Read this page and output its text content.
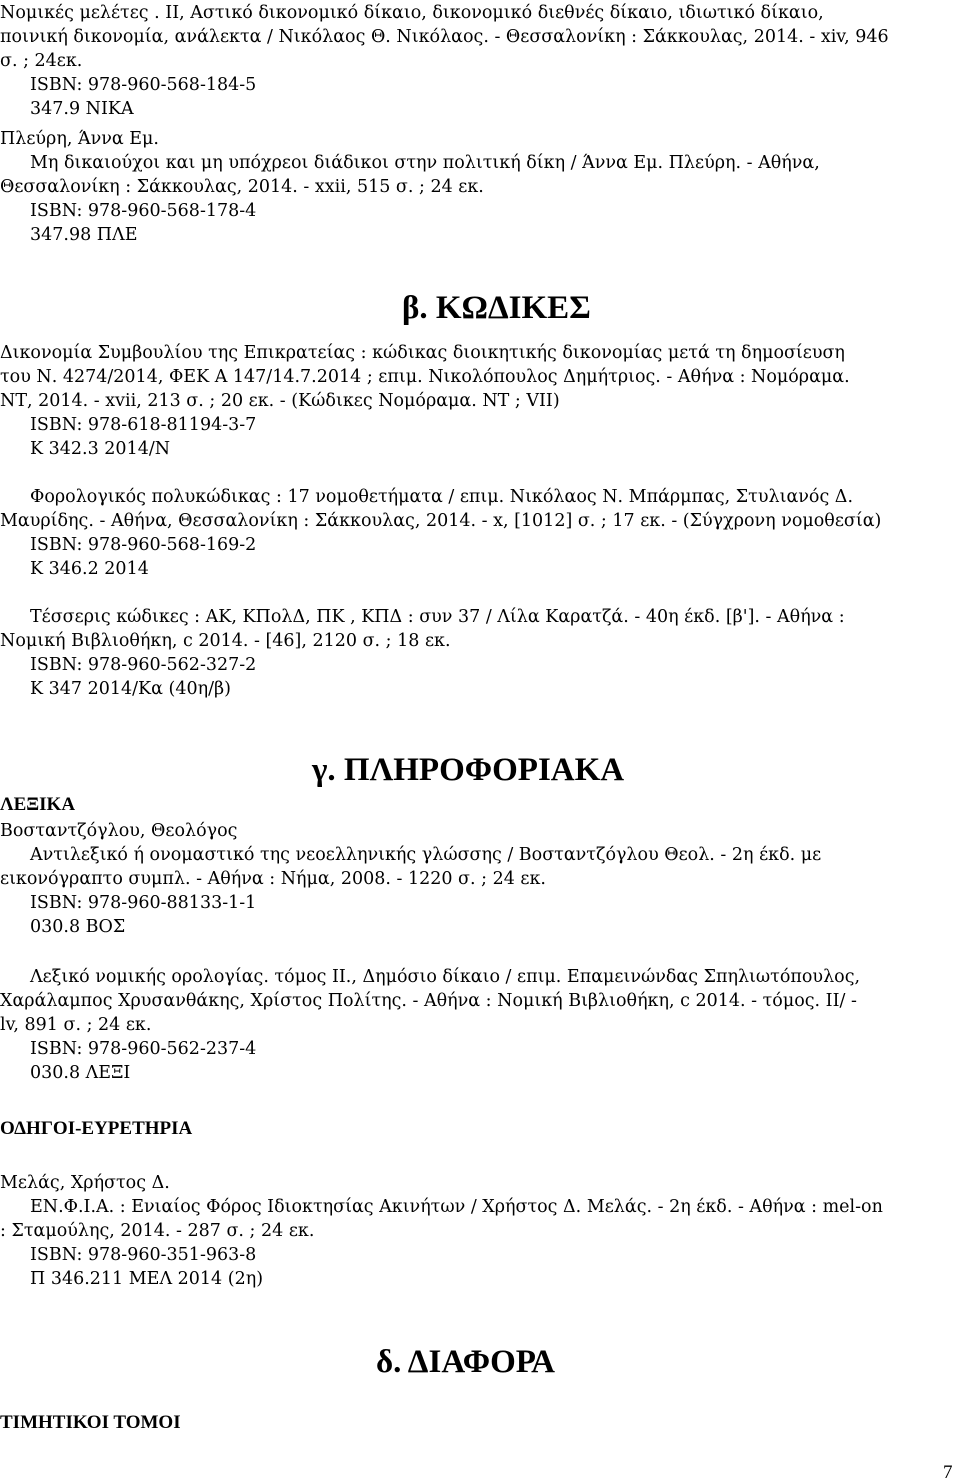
Νομικές μελέτες . ΙΙ, Αστικό δικονομικό δίκαιο, δικονομικό διεθνές δίκαιο, ιδιωτικό δίκαιο,
ποινική δικονομία, ανάλεκτα / Νικόλαος Θ. Νικόλαος. - Θεσσαλονίκη : Σάκκουλας, 2014. - xiv, 946
σ. ; 24εκ.
ISBN: 978-960-568-184-5
347.9 ΝΙΚΑ
Πλεύρη, Άννα Εμ.
Μη δικαιούχοι και μη υπόχρεοι διάδικοι στην πολιτική δίκη / Άννα Εμ. Πλεύρη. - Αθήνα,
Θεσσαλονίκη : Σάκκουλας, 2014. - xxii, 515 σ. ; 24 εκ.
ISBN: 978-960-568-178-4
347.98 ΠΛΕ
Δικονομία Συμβουλίου της Επικρατείας : κώδικας διοικητικής δικονομίας μετά τη δημοσίευση
του Ν. 4274/2014, ΦΕΚ Α 147/14.7.2014 ; επιμ. Νικολόπουλος Δημήτριος. - Αθήνα : Νομόραμα.
ΝΤ, 2014. - xvii, 213 σ. ; 20 εκ. - (Κώδικες Νομόραμα. ΝΤ ; VII)
ISBN: 978-618-81194-3-7
Κ 342.3 2014/Ν
Φορολογικός πολυκώδικας : 17 νομοθετήματα / επιμ. Νικόλαος Ν. Μπάρμπας, Στυλιανός Δ.
Μαυρίδης. - Αθήνα, Θεσσαλονίκη : Σάκκουλας, 2014. - x, [1012] σ. ; 17 εκ. - (Σύγχρονη νομοθεσία)
ISBN: 978-960-568-169-2
Κ 346.2 2014
Τέσσερις κώδικες : ΑΚ, ΚΠολΔ, ΠΚ , ΚΠΔ : συν 37 / Λίλα Καρατζά. - 40η έκδ. [β']. - Αθήνα :
Νομική Βιβλιοθήκη, c 2014. - [46], 2120 σ. ; 18 εκ.
ISBN: 978-960-562-327-2
Κ 347 2014/Κα (40η/β)
Βοσταντζόγλου, Θεολόγος
Αντιλεξικό ή ονομαστικό της νεοελληνικής γλώσσης / Βοσταντζόγλου Θεολ. - 2η έκδ. με
εικονόγραπτο συμπλ. - Αθήνα : Νήμα, 2008. - 1220 σ. ; 24 εκ.
ISBN: 978-960-88133-1-1
030.8 ΒΟΣ
Λεξικό νομικής ορολογίας. τόμος ΙΙ., Δημόσιο δίκαιο / επιμ. Επαμεινώνδας Σπηλιωτόπουλος,
Χαράλαμπος Χρυσανθάκης, Χρίστος Πολίτης. - Αθήνα : Νομική Βιβλιοθήκη, c 2014. - τόμος. ΙΙ/ -
lv, 891 σ. ; 24 εκ.
ISBN: 978-960-562-237-4
030.8 ΛΕΞΙ
Μελάς, Χρήστος Δ.
ΕΝ.Φ.Ι.Α. : Ενιαίος Φόρος Ιδιοκτησίας Ακινήτων / Χρήστος Δ. Μελάς. - 2η έκδ. - Αθήνα : mel-on
: Σταμούλης, 2014. - 287 σ. ; 24 εκ.
ISBN: 978-960-351-963-8
Π 346.211 ΜΕΛ 2014 (2η)
β. ΚΩΔΙΚΕΣ
γ. ΠΛΗΡΟΦΟΡΙΑΚΑ
δ. ΔΙΑΦΟΡΑ
ΛΕΞΙΚΑ
ΟΔΗΓΟΙ-ΕΥΡΕΤΗΡΙΑ
ΤΙΜΗΤΙΚΟΙ ΤΟΜΟΙ
7
